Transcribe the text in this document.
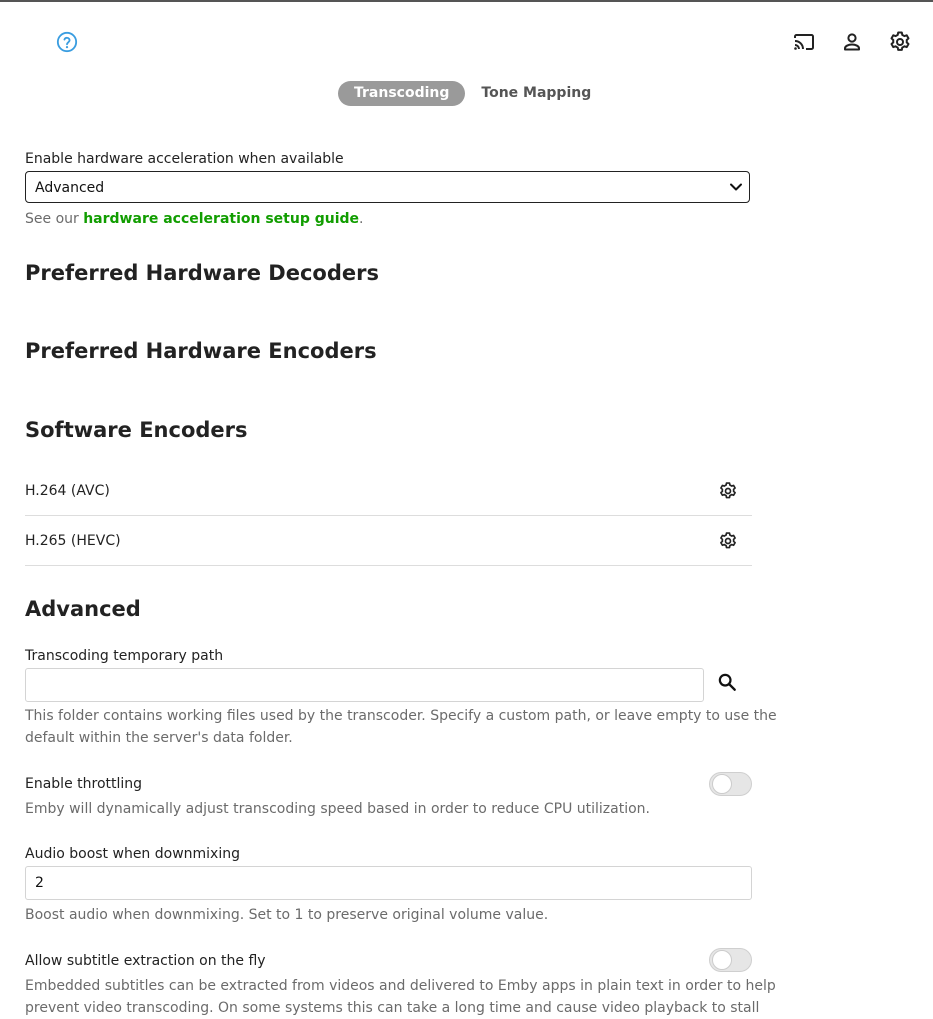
Transcoding	Tone Mapping
Enable hardware acceleration when available
Advanced
See our hardware acceleration setup guide.
Preferred Hardware Decoders
Preferred Hardware Encoders
Software Encoders
H.264 (AVC)
H.265 (HEVC)
Advanced
Transcoding temporary path
This folder contains working files used by the transcoder. Specify a custom path, or leave empty to use the
default within the server's data folder.
Enable throttling
Emby will dynamically adjust transcoding speed based in order to reduce CPU utilization.
Audio boost when downmixing
2
Boost audio when downmixing. Set to 1 to preserve original volume value.
Allow subtitle extraction on the fly
Embedded subtitles can be extracted from videos and delivered to Emby apps in plain text in order to help
prevent video transcoding. On some systems this can take a long time and cause video playback to stall
